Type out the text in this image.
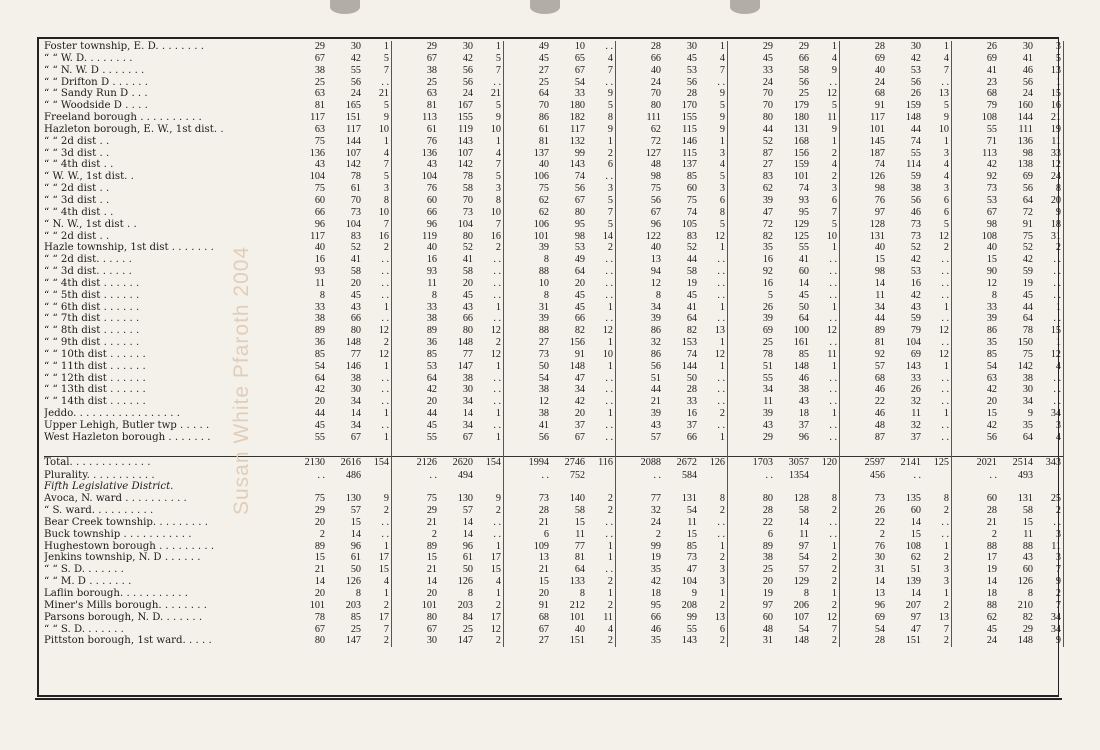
Foster township, E. D. . . . . . . .	29	30	1	29	30	1	49	10	. .	28	30	1	29	29	1	28	30	1	26	30	3
“ “ W. D. . . . . . . .	67	42	5	67	42	5	45	65	4	66	45	4	45	66	4	69	42	4	69	41	5
“ “ N. W. D . . . . . . .	38	55	7	38	56	7	27	67	7	40	53	7	33	58	9	40	53	7	41	46	13
“ “ Drifton D . . . . . .	25	56	. .	25	56	. .	25	54	. .	24	56	. .	24	56	. .	24	56	. .	23	56	1
“ “ Sandy Run D . . .	63	24	21	63	24	21	64	33	9	70	28	9	70	25	12	68	26	13	68	24	15
“ “ Woodside D . . . .	81	165	5	81	167	5	70	180	5	80	170	5	70	179	5	91	159	5	79	160	16
Freeland borough . . . . . . . . . .	117	151	9	113	155	9	86	182	8	111	155	9	80	180	11	117	148	9	108	144	21
Hazleton borough, E. W., 1st dist. .	63	117	10	61	119	10	61	117	9	62	115	9	44	131	9	101	44	10	55	111	19
“ “ 2d dist . .	75	144	1	76	143	1	81	132	1	72	146	1	52	168	1	145	74	1	71	136	11
“ “ 3d dist . .	136	107	4	136	107	4	137	99	2	127	115	3	87	156	2	187	55	3	113	98	33
“ “ 4th dist . .	43	142	7	43	142	7	40	143	6	48	137	4	27	159	4	74	114	4	42	138	12
“ W. W., 1st dist. .	104	78	5	104	78	5	106	74	. .	98	85	5	83	101	2	126	59	4	92	69	24
“ “ 2d dist . .	75	61	3	76	58	3	75	56	3	75	60	3	62	74	3	98	38	3	73	56	8
“ “ 3d dist . .	60	70	8	60	70	8	62	67	5	56	75	6	39	93	6	76	56	6	53	64	20
“ “ 4th dist . .	66	73	10	66	73	10	62	80	7	67	74	8	47	95	7	97	46	6	67	72	9
“ N. W., 1st dist . .	96	104	7	96	104	7	106	95	5	96	105	5	72	129	5	128	73	5	98	91	18
“ “ 2d dist . .	117	83	16	119	80	16	101	98	14	122	83	12	82	125	10	131	73	12	108	75	31
Hazle township, 1st dist . . . . . . .	40	52	2	40	52	2	39	53	2	40	52	1	35	55	1	40	52	2	40	52	2
“ “ 2d dist. . . . . .	16	41	. .	16	41	. .	8	49	. .	13	44	. .	16	41	. .	15	42	. .	15	42	. .
“ “ 3d dist. . . . . .	93	58	. .	93	58	. .	88	64	. .	94	58	. .	92	60	. .	98	53	. .	90	59	. .
“ “ 4th dist . . . . . .	11	20	. .	11	20	. .	10	20	. .	12	19	. .	16	14	. .	14	16	. .	12	19	. .
“ “ 5th dist . . . . . .	8	45	. .	8	45	. .	8	45	. .	8	45	. .	5	45	. .	11	42	. .	8	45	. .
“ “ 6th dist . . . . . .	33	43	1	33	43	1	31	45	1	34	41	1	26	50	1	34	43	1	33	44	1
“ “ 7th dist . . . . . .	38	66	. .	38	66	. .	39	66	. .	39	64	. .	39	64	. .	44	59	. .	39	64	. .
“ “ 8th dist . . . . . .	89	80	12	89	80	12	88	82	12	86	82	13	69	100	12	89	79	12	86	78	15
“ “ 9th dist . . . . . .	36	148	2	36	148	2	27	156	1	32	153	1	25	161	. .	81	104	. .	35	150	1
“ “ 10th dist . . . . . .	85	77	12	85	77	12	73	91	10	86	74	12	78	85	11	92	69	12	85	75	12
“ “ 11th dist . . . . . .	54	146	1	53	147	1	50	148	1	56	144	1	51	148	1	57	143	1	54	142	4
“ “ 12th dist . . . . . .	64	38	. .	64	38	. .	54	47	. .	51	50	. .	55	46	. .	68	33	. .	63	38	. .
“ “ 13th dist . . . . . .	42	30	. .	42	30	. .	38	34	. .	44	28	. .	34	38	. .	46	26	. .	42	30	. .
“ “ 14th dist . . . . . .	20	34	. .	20	34	. .	12	42	. .	21	33	. .	11	43	. .	22	32	. .	20	34	. .
Jeddo. . . . . . . . . . . . . . . . .	44	14	1	44	14	1	38	20	1	39	16	2	39	18	1	46	11	1	15	9	34
Upper Lehigh, Butler twp . . . . .	45	34	. .	45	34	. .	41	37	. .	43	37	. .	43	37	. .	48	32	. .	42	35	3
West Hazleton borough . . . . . . .	55	67	1	55	67	1	56	67	. .	57	66	1	29	96	. .	87	37	. .	56	64	4

Total. . . . . . . . . . . . .	2130	2616	154	2126	2620	154	1994	2746	116	2088	2672	126	1703	3057	120	2597	2141	125	2021	2514	343
Plurality. . . . . . . . . . .	. .	486		. .	494		. .	752		. .	584		. .	1354		456	. .		. .	493	
Fifth Legislative District.																					
Avoca, N. ward . . . . . . . . . .	75	130	9	75	130	9	73	140	2	77	131	8	80	128	8	73	135	8	60	131	25
“ S. ward. . . . . . . . . .	29	57	2	29	57	2	28	58	2	32	54	2	28	58	2	26	60	2	28	58	2
Bear Creek township. . . . . . . . .	20	15	. .	21	14	. .	21	15	. .	24	11	. .	22	14	. .	22	14	. .	21	15	. .
Buck township . . . . . . . . . . .	2	14	. .	2	14	. .	6	11	. .	2	15	. .	6	11	. .	2	15	. .	2	11	3
Hughestown borough . . . . . . . . .	89	96	1	89	96	1	109	77	1	99	85	1	89	97	1	76	108	1	88	88	11
Jenkins township, N. D . . . . . .	15	61	17	15	61	17	13	81	1	19	73	2	38	54	2	30	62	2	17	43	3
“ “ S. D. . . . . . .	21	50	15	21	50	15	21	64	. .	35	47	3	25	57	2	31	51	3	19	60	7
“ “ M. D . . . . . . .	14	126	4	14	126	4	15	133	2	42	104	3	20	129	2	14	139	3	14	126	9
Laflin borough. . . . . . . . . . .	20	8	1	20	8	1	20	8	1	18	9	1	19	8	1	13	14	1	18	8	2
Miner's Mills borough. . . . . . . .	101	203	2	101	203	2	91	212	2	95	208	2	97	206	2	96	207	2	88	210	7
Parsons borough, N. D. . . . . . .	78	85	17	80	84	17	68	101	11	66	99	13	60	107	12	69	97	13	62	82	34
“ “ S. D. . . . . . .	67	25	7	67	25	12	67	40	4	46	55	6	48	54	7	54	47	7	45	29	34
Pittston borough, 1st ward. . . . .	80	147	2	30	147	2	27	151	2	35	143	2	31	148	2	28	151	2	24	148	9
Susan White Pfaroth 2004
